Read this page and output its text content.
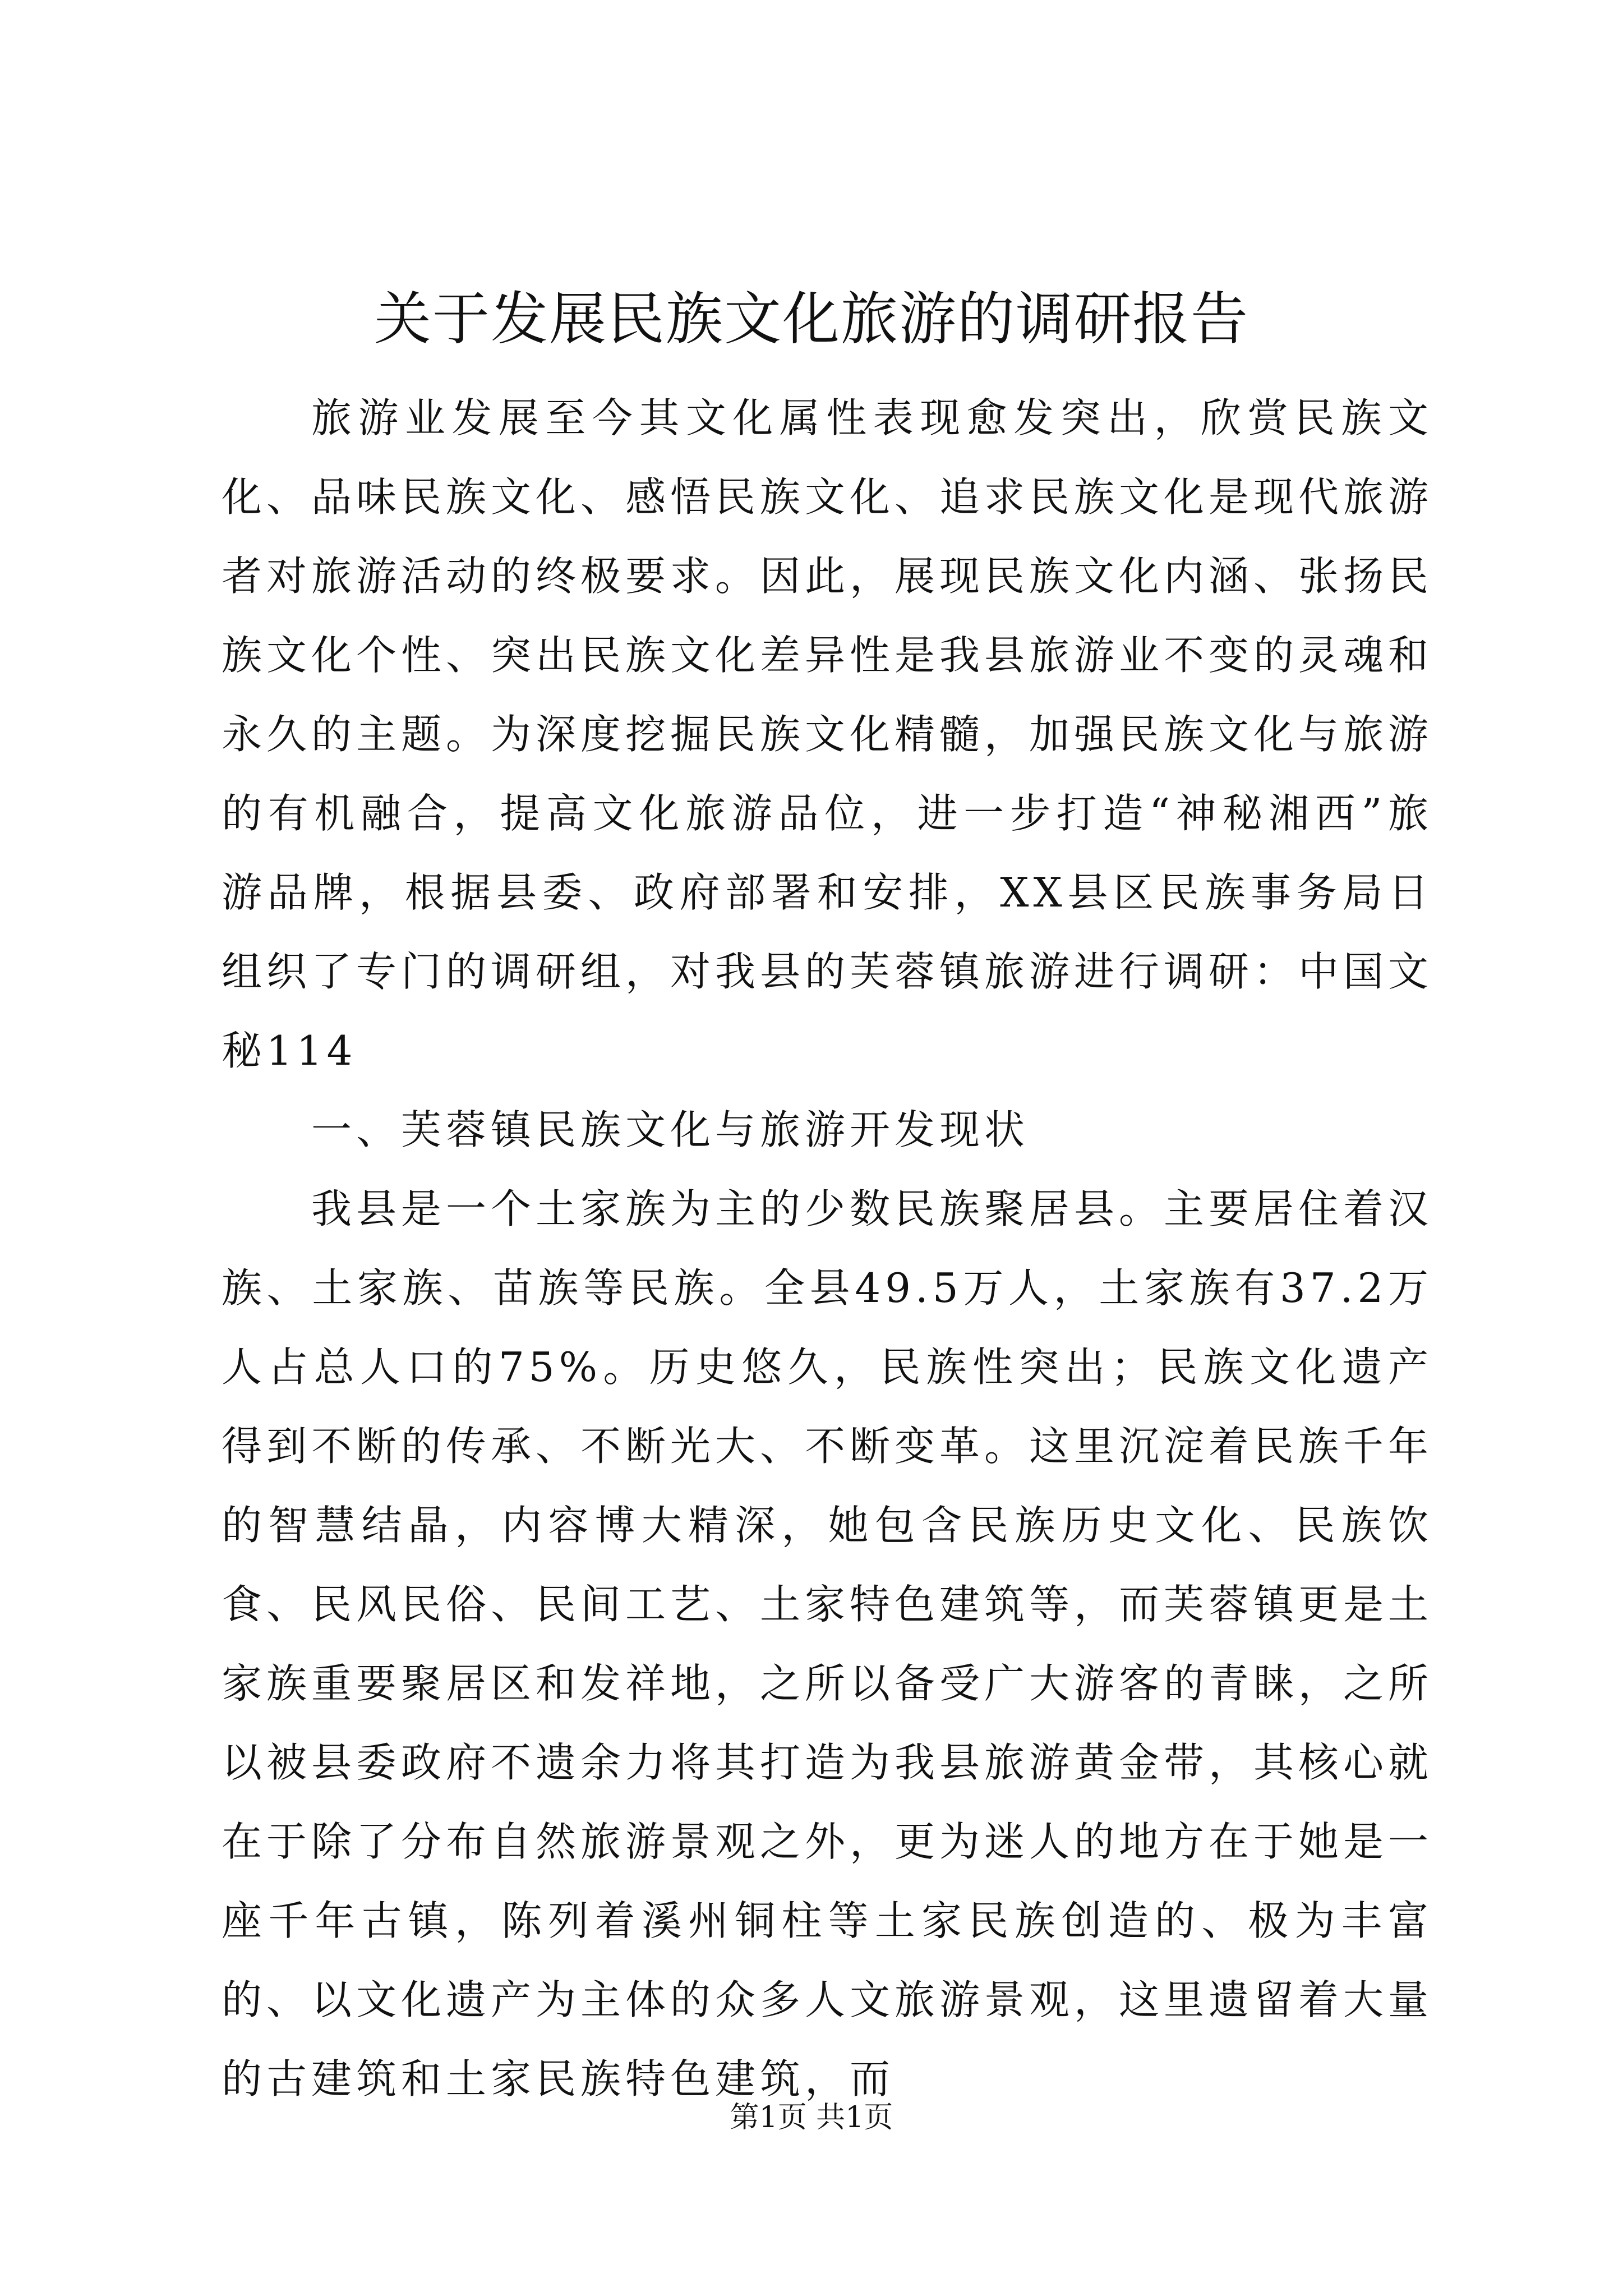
关于发展民族文化旅游的调研报告

旅游业发展至今其文化属性表现愈发突出，欣赏民族文化、品味民族文化、感悟民族文化、追求民族文化是现代旅游者对旅游活动的终极要求。因此，展现民族文化内涵、张扬民族文化个性、突出民族文化差异性是我县旅游业不变的灵魂和永久的主题。为深度挖掘民族文化精髓，加强民族文化与旅游的有机融合，提高文化旅游品位，进一步打造“神秘湘西”旅游品牌，根据县委、政府部署和安排，XX县区民族事务局日组织了专门的调研组，对我县的芙蓉镇旅游进行调研：中国文秘114

一、芙蓉镇民族文化与旅游开发现状

我县是一个土家族为主的少数民族聚居县。主要居住着汉族、土家族、苗族等民族。全县49.5万人，土家族有37.2万人占总人口的75%。历史悠久，民族性突出；民族文化遗产得到不断的传承、不断光大、不断变革。这里沉淀着民族千年的智慧结晶，内容博大精深，她包含民族历史文化、民族饮食、民风民俗、民间工艺、土家特色建筑等，而芙蓉镇更是土家族重要聚居区和发祥地，之所以备受广大游客的青睐，之所以被县委政府不遗余力将其打造为我县旅游黄金带，其核心就在于除了分布自然旅游景观之外，更为迷人的地方在于她是一座千年古镇，陈列着溪州铜柱等土家民族创造的、极为丰富的、以文化遗产为主体的众多人文旅游景观，这里遗留着大量的古建筑和土家民族特色建筑，而

第1页 共1页
